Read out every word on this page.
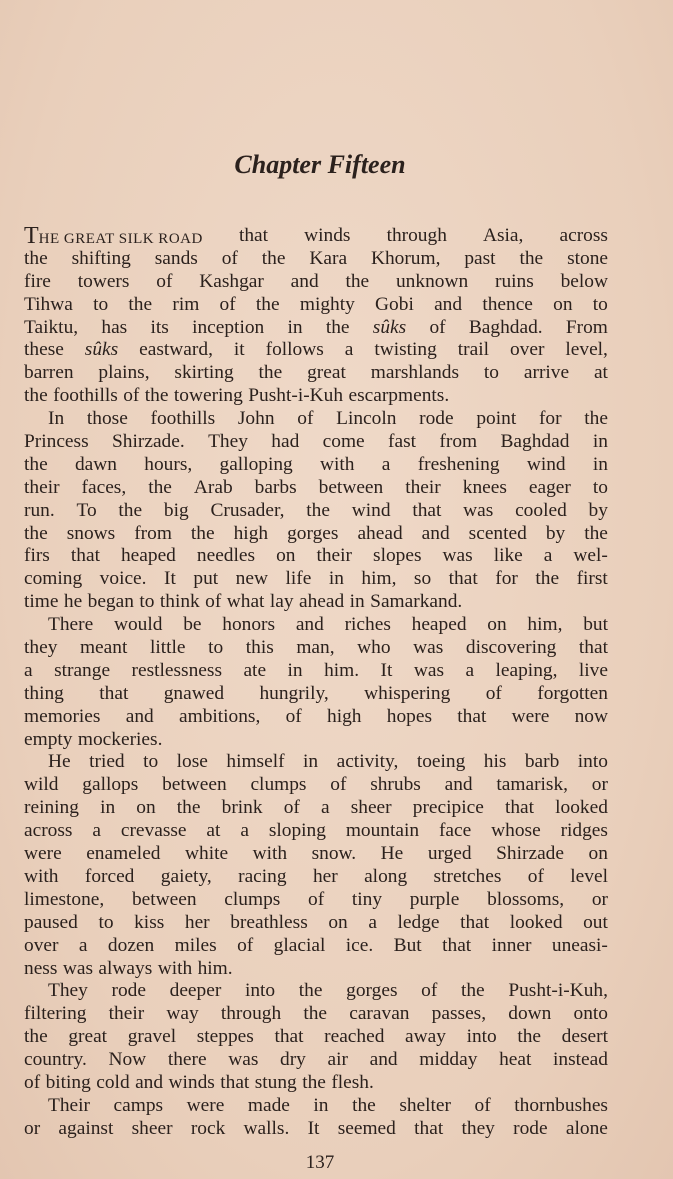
Chapter Fifteen
THE GREAT SILK ROAD that winds through Asia, across
the shifting sands of the Kara Khorum, past the stone
fire towers of Kashgar and the unknown ruins below
Tihwa to the rim of the mighty Gobi and thence on to
Taiktu, has its inception in the sûks of Baghdad. From
these sûks eastward, it follows a twisting trail over level,
barren plains, skirting the great marshlands to arrive at
the foothills of the towering Pusht-i-Kuh escarpments.
In those foothills John of Lincoln rode point for the
Princess Shirzade. They had come fast from Baghdad in
the dawn hours, galloping with a freshening wind in
their faces, the Arab barbs between their knees eager to
run. To the big Crusader, the wind that was cooled by
the snows from the high gorges ahead and scented by the
firs that heaped needles on their slopes was like a wel-
coming voice. It put new life in him, so that for the first
time he began to think of what lay ahead in Samarkand.
There would be honors and riches heaped on him, but
they meant little to this man, who was discovering that
a strange restlessness ate in him. It was a leaping, live
thing that gnawed hungrily, whispering of forgotten
memories and ambitions, of high hopes that were now
empty mockeries.
He tried to lose himself in activity, toeing his barb into
wild gallops between clumps of shrubs and tamarisk, or
reining in on the brink of a sheer precipice that looked
across a crevasse at a sloping mountain face whose ridges
were enameled white with snow. He urged Shirzade on
with forced gaiety, racing her along stretches of level
limestone, between clumps of tiny purple blossoms, or
paused to kiss her breathless on a ledge that looked out
over a dozen miles of glacial ice. But that inner uneasi-
ness was always with him.
They rode deeper into the gorges of the Pusht-i-Kuh,
filtering their way through the caravan passes, down onto
the great gravel steppes that reached away into the desert
country. Now there was dry air and midday heat instead
of biting cold and winds that stung the flesh.
Their camps were made in the shelter of thornbushes
or against sheer rock walls. It seemed that they rode alone
137
